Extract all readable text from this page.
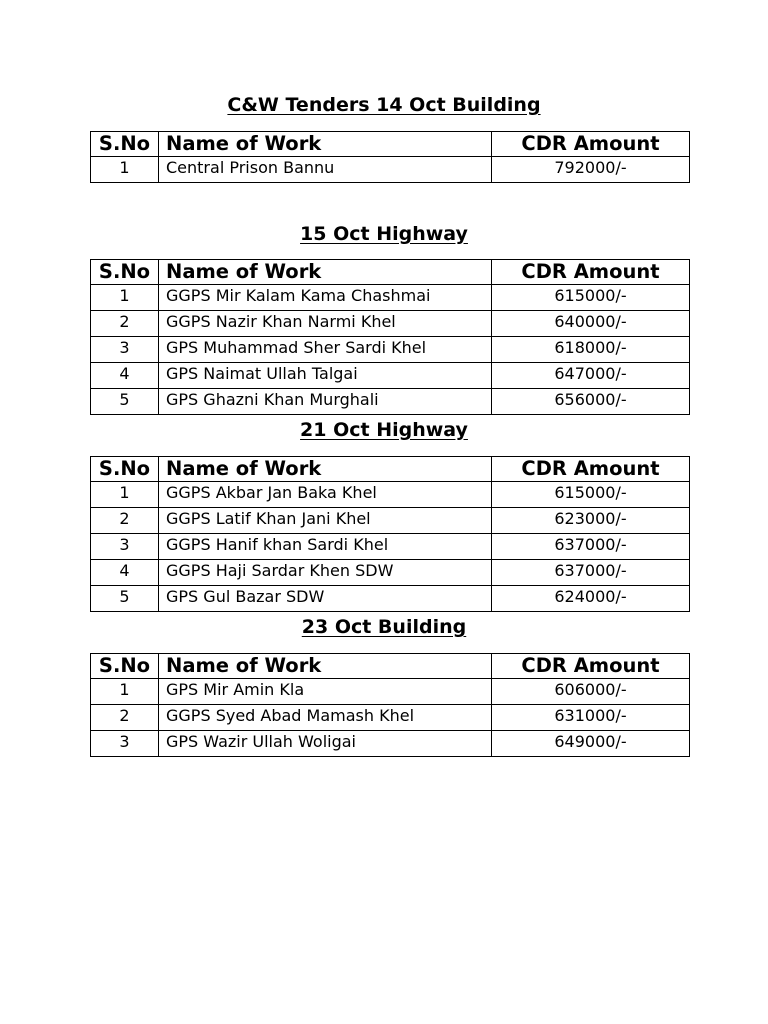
C&W Tenders 14 Oct Building
S.No	Name of Work	CDR Amount
1	Central Prison Bannu	792000/-
15 Oct Highway
S.No	Name of Work	CDR Amount
1	GGPS Mir Kalam Kama Chashmai	615000/-
2	GGPS Nazir Khan Narmi Khel	640000/-
3	GPS Muhammad Sher Sardi Khel	618000/-
4	GPS Naimat Ullah Talgai	647000/-
5	GPS Ghazni Khan Murghali	656000/-
21 Oct Highway
S.No	Name of Work	CDR Amount
1	GGPS Akbar Jan Baka Khel	615000/-
2	GGPS Latif Khan Jani Khel	623000/-
3	GGPS Hanif khan Sardi Khel	637000/-
4	GGPS Haji Sardar Khen SDW	637000/-
5	GPS Gul Bazar SDW	624000/-
23 Oct Building
S.No	Name of Work	CDR Amount
1	GPS Mir Amin Kla	606000/-
2	GGPS Syed Abad Mamash Khel	631000/-
3	GPS Wazir Ullah Woligai	649000/-
